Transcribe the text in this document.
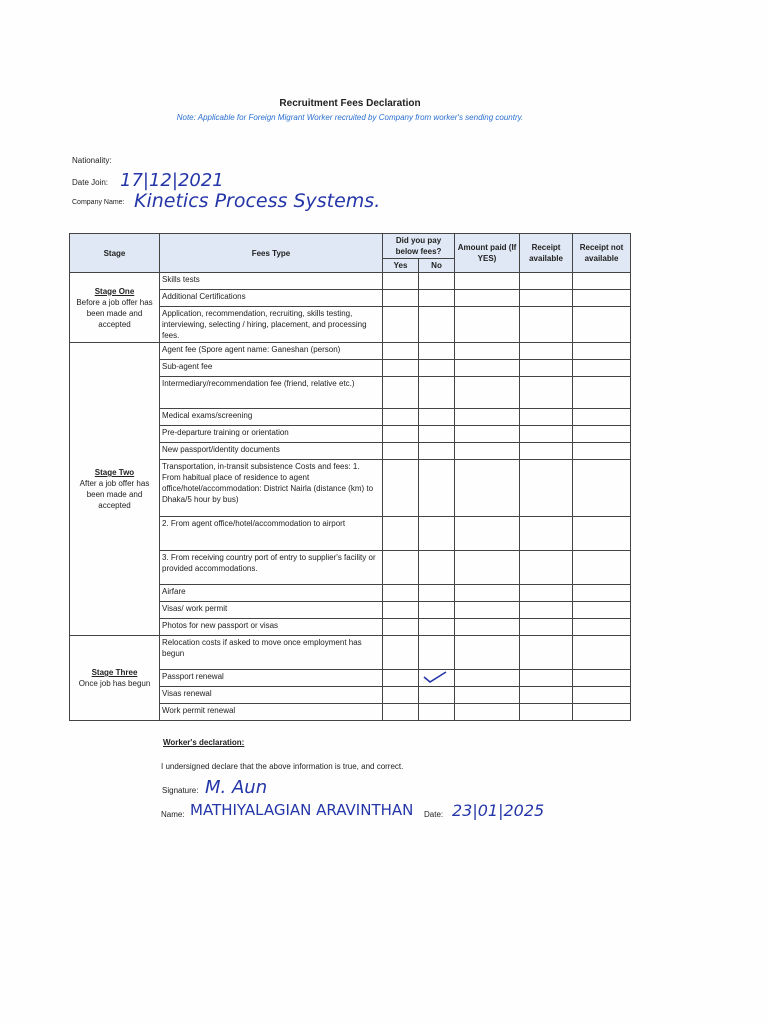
Recruitment Fees Declaration
Note: Applicable for Foreign Migrant Worker recruited by Company from worker's sending country.
Nationality:
Date Join: 17|12|2021
Company Name: Kinetics Process Systems.
Stage	Fees Type	Did you pay below fees?		Amount paid (If YES)	Receipt available	Receipt not available
		Yes	No			

Stage One
Before a job offer has been made and accepted	Skills tests					
	Additional Certifications					
	Application, recommendation, recruiting, skills testing, interviewing, selecting / hiring, placement, and processing fees.					

Stage Two
After a job offer has been made and accepted	Agent fee (Spore agent name: Ganeshan (person)					
	Sub-agent fee					
	Intermediary/recommendation fee (friend, relative etc.)					
	Medical exams/screening					
	Pre-departure training or orientation					
	New passport/identity documents					
	Transportation, in-transit subsistence Costs and fees: 1. From habitual place of residence to agent office/hotel/accommodation: District Nairla (distance (km) to Dhaka/5 hour by bus)					
	2. From agent office/hotel/accommodation to airport					
	3. From receiving country port of entry to supplier's facility or provided accommodations.					
	Airfare					
	Visas/ work permit					
	Photos for new passport or visas					

Stage Three
Once job has begun	Relocation costs if asked to move once employment has begun					
	Passport renewal					
	Visas renewal					
	Work permit renewal					
Worker's declaration:
I undersigned declare that the above information is true, and correct.
Signature: M. Aun
Name: MATHIYALAGIAN ARAVINTHAN Date: 23|01|2025
